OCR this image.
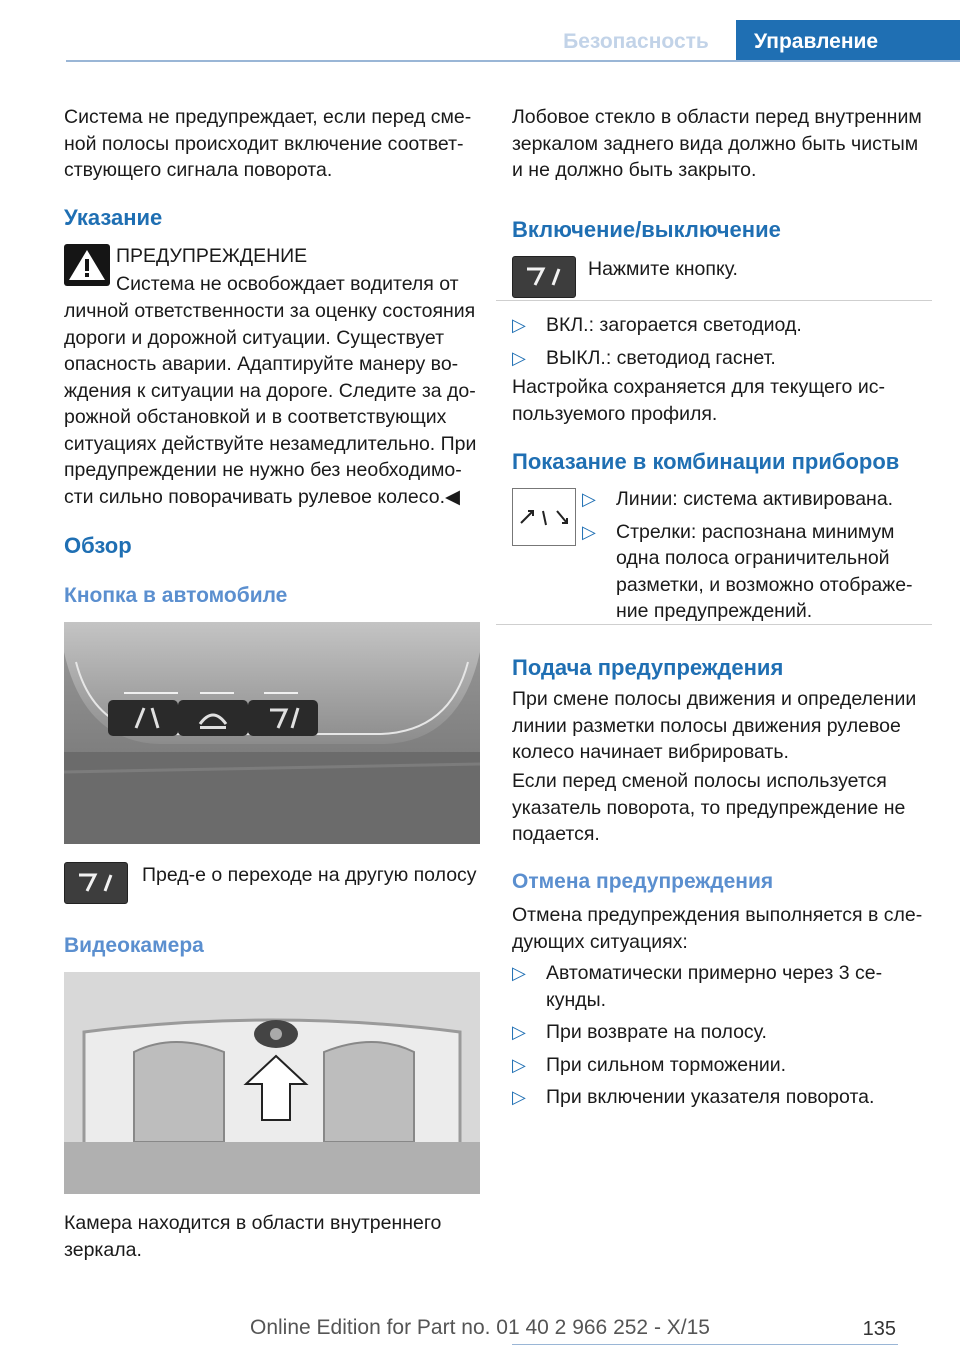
Безопасность	Управление

Система не предупреждает, если перед сме-ной полосы происходит включение соответ-ствующего сигнала поворота.

Указание

ПРЕДУПРЕЖДЕНИЕ

Система не освобождает водителя от

личной ответственности за оценку состояния дороги и дорожной ситуации. Существует опасность аварии. Адаптируйте манеру во-ждения к ситуации на дороге. Следите за до-рожной обстановкой и в соответствующих ситуациях действуйте незамедлительно. При предупреждении не нужно без необходимо-сти сильно поворачивать рулевое колесо.◀

Обзор

Кнопка в автомобиле

Пред-е о переходе на другую полосу

Видеокамера

Камера находится в области внутреннего зеркала.

Лобовое стекло в области перед внутренним зеркалом заднего вида должно быть чистым и не должно быть закрыто.

Включение/выключение

Нажмите кнопку.

▷ ВКЛ.: загорается светодиод.
▷ ВЫКЛ.: светодиод гаснет.

Настройка сохраняется для текущего ис-пользуемого профиля.

Показание в комбинации приборов

▷ Линии: система активирована.
▷ Стрелки: распознана минимум одна полоса ограничительной разметки, и возможно отображе-ние предупреждений.

Подача предупреждения

При смене полосы движения и определении линии разметки полосы движения рулевое колесо начинает вибрировать.

Если перед сменой полосы используется указатель поворота, то предупреждение не подается.

Отмена предупреждения

Отмена предупреждения выполняется в сле-дующих ситуациях:

▷ Автоматически примерно через 3 се-кунды.
▷ При возврате на полосу.
▷ При сильном торможении.
▷ При включении указателя поворота.
135
Online Edition for Part no. 01 40 2 966 252 - X/15
